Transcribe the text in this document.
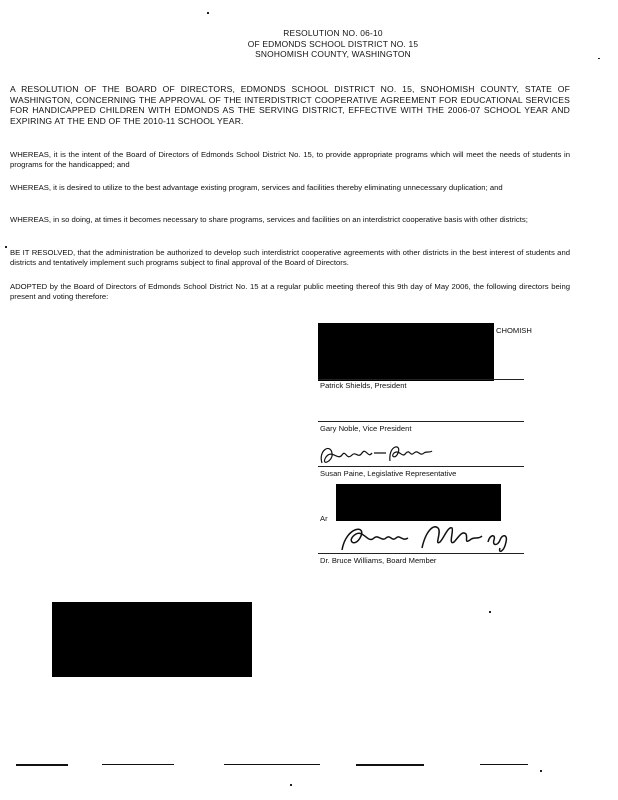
RESOLUTION NO. 06-10
OF EDMONDS SCHOOL DISTRICT NO. 15
SNOHOMISH COUNTY, WASHINGTON
A RESOLUTION OF THE BOARD OF DIRECTORS, EDMONDS SCHOOL DISTRICT NO. 15, SNOHOMISH COUNTY, STATE OF WASHINGTON, CONCERNING THE APPROVAL OF THE INTERDISTRICT COOPERATIVE AGREEMENT FOR EDUCATIONAL SERVICES FOR HANDICAPPED CHILDREN WITH EDMONDS AS THE SERVING DISTRICT, EFFECTIVE WITH THE 2006-07 SCHOOL YEAR AND EXPIRING AT THE END OF THE 2010-11 SCHOOL YEAR.
WHEREAS, it is the intent of the Board of Directors of Edmonds School District No. 15, to provide appropriate programs which will meet the needs of students in programs for the handicapped; and
WHEREAS, it is desired to utilize to the best advantage existing program, services and facilities thereby eliminating unnecessary duplication; and
WHEREAS, in so doing, at times it becomes necessary to share programs, services and facilities on an interdistrict cooperative basis with other districts;
BE IT RESOLVED, that the administration be authorized to develop such interdistrict cooperative agreements with other districts in the best interest of students and districts and tentatively implement such programs subject to final approval of the Board of Directors.
ADOPTED by the Board of Directors of Edmonds School District No. 15 at a regular public meeting thereof this 9th day of May 2006, the following directors being present and voting therefore:
CHOMISH
Patrick Shields, President
Gary Noble, Vice President
Susan Paine, Legislative Representative
Ar
Dr. Bruce Williams, Board Member
